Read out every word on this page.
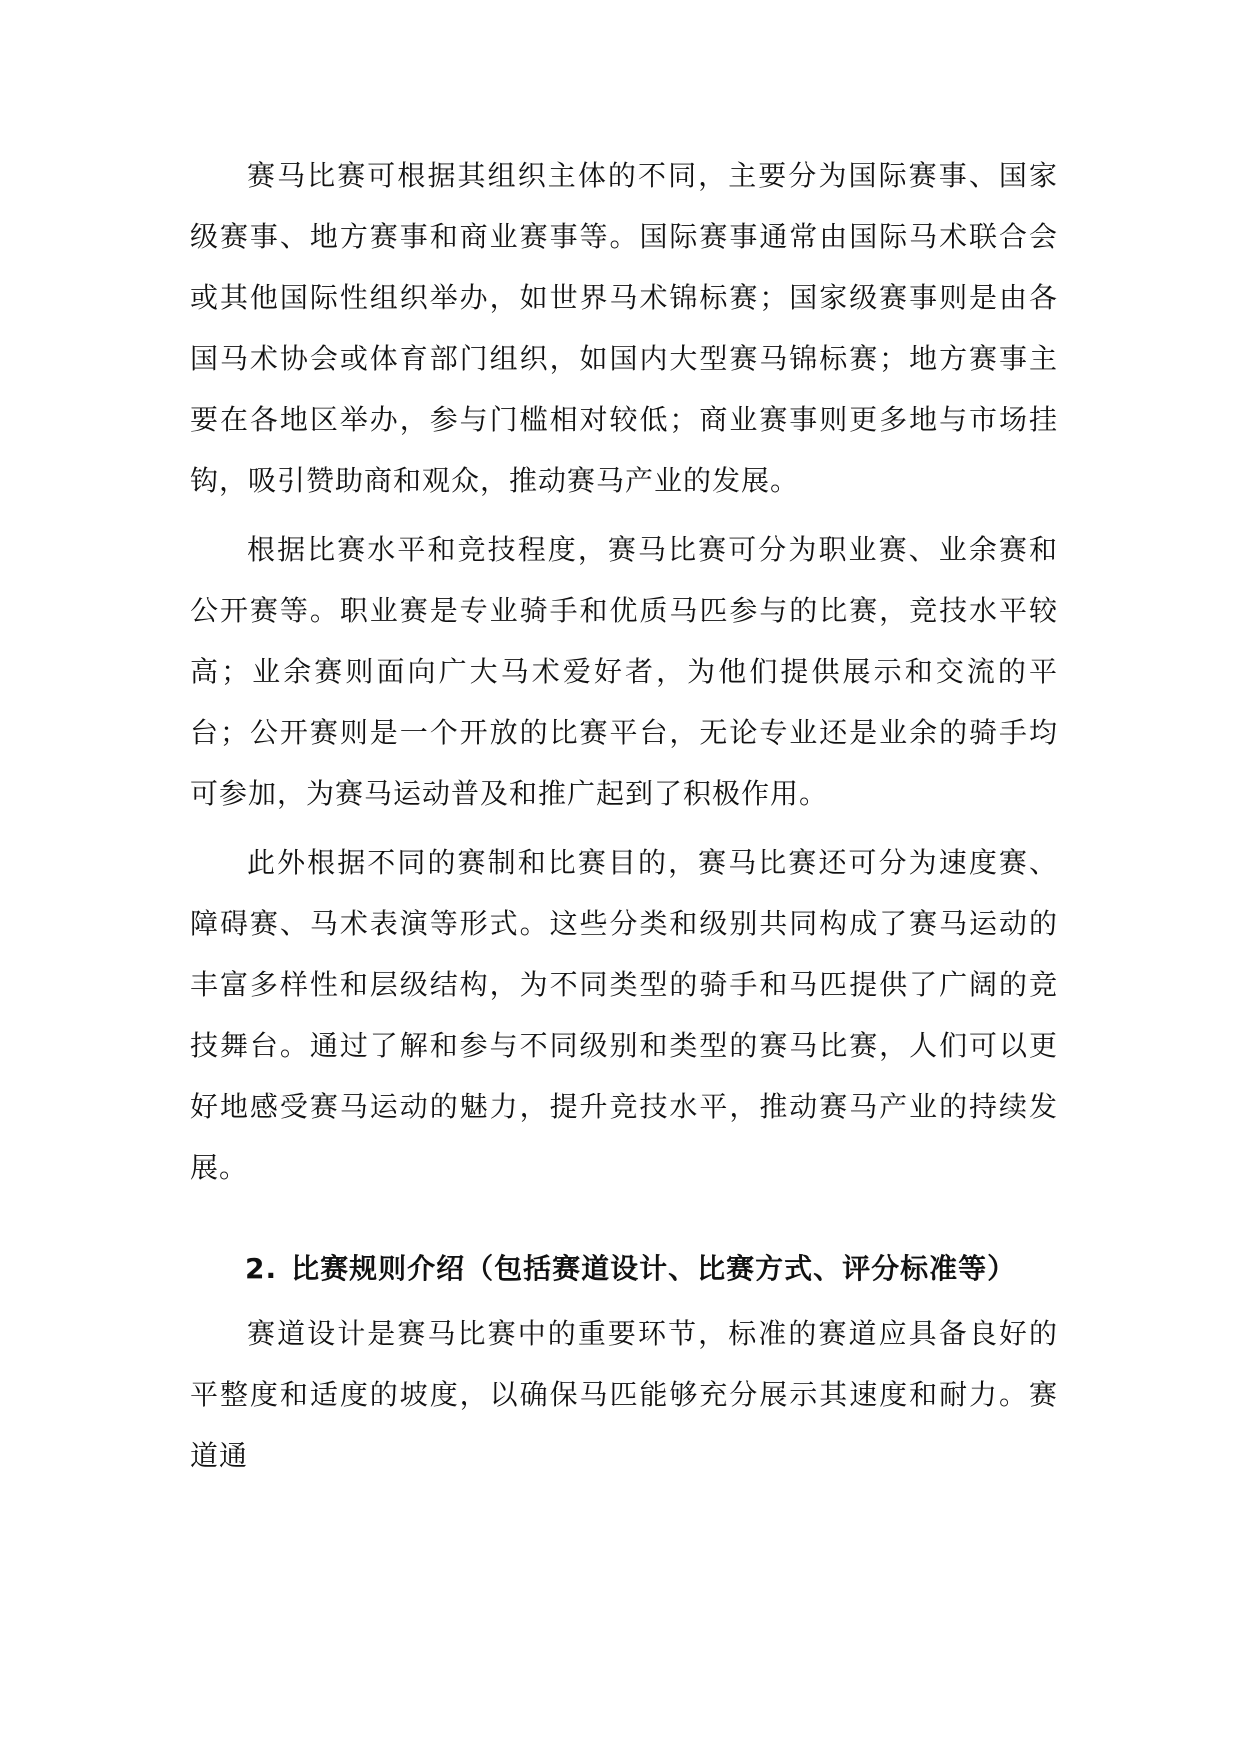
赛马比赛可根据其组织主体的不同，主要分为国际赛事、国家级赛事、地方赛事和商业赛事等。国际赛事通常由国际马术联合会或其他国际性组织举办，如世界马术锦标赛；国家级赛事则是由各国马术协会或体育部门组织，如国内大型赛马锦标赛；地方赛事主要在各地区举办，参与门槛相对较低；商业赛事则更多地与市场挂钩，吸引赞助商和观众，推动赛马产业的发展。

根据比赛水平和竞技程度，赛马比赛可分为职业赛、业余赛和公开赛等。职业赛是专业骑手和优质马匹参与的比赛，竞技水平较高；业余赛则面向广大马术爱好者，为他们提供展示和交流的平台；公开赛则是一个开放的比赛平台，无论专业还是业余的骑手均可参加，为赛马运动普及和推广起到了积极作用。

此外根据不同的赛制和比赛目的，赛马比赛还可分为速度赛、障碍赛、马术表演等形式。这些分类和级别共同构成了赛马运动的丰富多样性和层级结构，为不同类型的骑手和马匹提供了广阔的竞技舞台。通过了解和参与不同级别和类型的赛马比赛，人们可以更好地感受赛马运动的魅力，提升竞技水平，推动赛马产业的持续发展。

2. 比赛规则介绍（包括赛道设计、比赛方式、评分标准等）

赛道设计是赛马比赛中的重要环节，标准的赛道应具备良好的平整度和适度的坡度，以确保马匹能够充分展示其速度和耐力。赛道通
